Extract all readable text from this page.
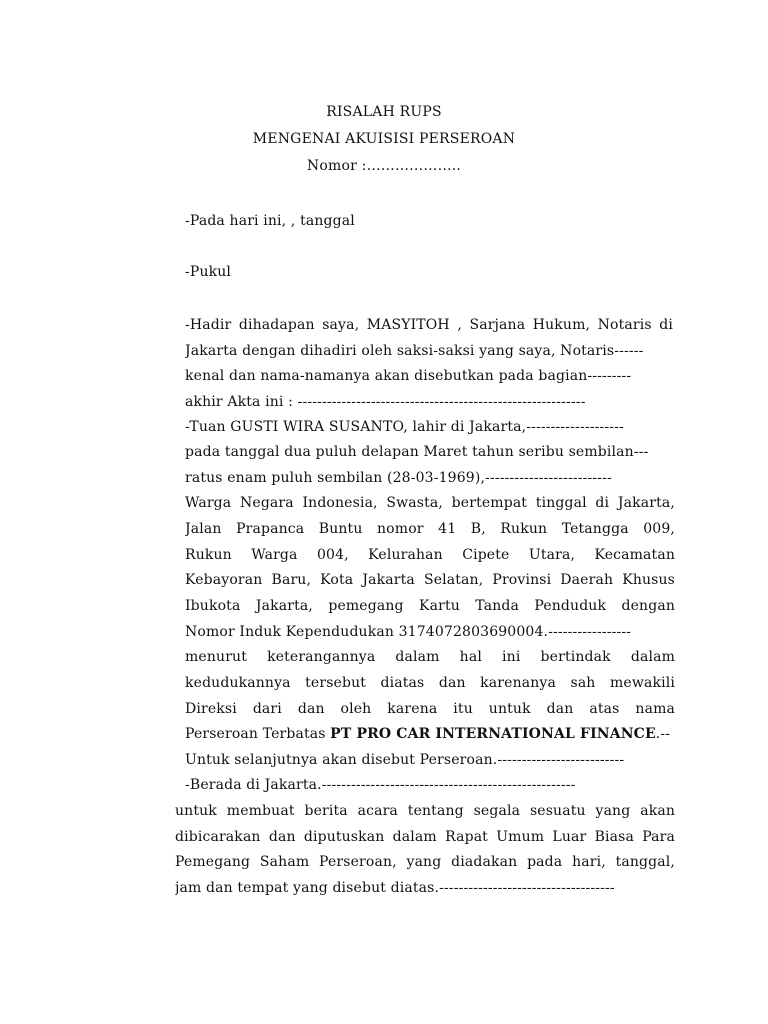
RISALAH RUPS
MENGENAI AKUISISI PERSEROAN
Nomor :………………..
-Pada hari ini, , tanggal
-Pukul
-Hadir dihadapan saya, MASYITOH , Sarjana Hukum, Notaris di
Jakarta dengan dihadiri oleh saksi-saksi yang saya, Notaris------
kenal dan nama-namanya akan disebutkan pada bagian---------
akhir Akta ini : -----------------------------------------------------------
-Tuan GUSTI WIRA SUSANTO, lahir di Jakarta,--------------------
pada tanggal dua puluh delapan Maret tahun seribu sembilan---
ratus enam puluh sembilan (28-03-1969),--------------------------
Warga Negara Indonesia, Swasta, bertempat tinggal di Jakarta,
Jalan Prapanca Buntu nomor 41 B, Rukun Tetangga 009,
Rukun Warga 004, Kelurahan Cipete Utara, Kecamatan
Kebayoran Baru, Kota Jakarta Selatan, Provinsi Daerah Khusus
Ibukota Jakarta, pemegang Kartu Tanda Penduduk dengan
Nomor Induk Kependudukan 3174072803690004.-----------------
menurut keterangannya dalam hal ini bertindak dalam
kedudukannya tersebut diatas dan karenanya sah mewakili
Direksi dari dan oleh karena itu untuk dan atas nama
Perseroan Terbatas PT PRO CAR INTERNATIONAL FINANCE.--
Untuk selanjutnya akan disebut Perseroan.--------------------------
-Berada di Jakarta.----------------------------------------------------
untuk membuat berita acara tentang segala sesuatu yang akan
dibicarakan dan diputuskan dalam Rapat Umum Luar Biasa Para
Pemegang Saham Perseroan, yang diadakan pada hari, tanggal,
jam dan tempat yang disebut diatas.------------------------------------
